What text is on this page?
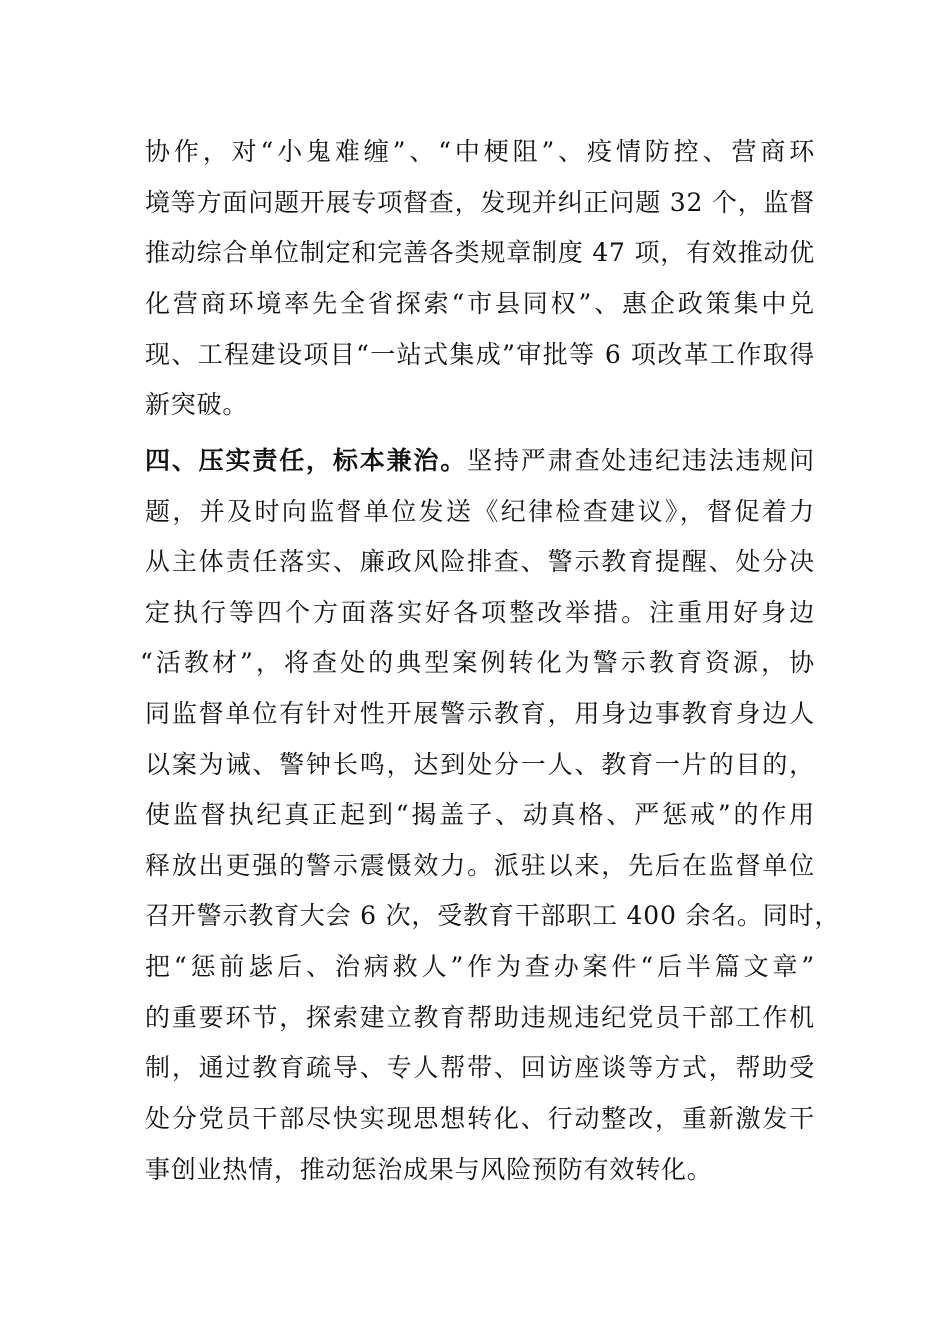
协作，对“小鬼难缠”、“中梗阻”、疫情防控、营商环
境等方面问题开展专项督查，发现并纠正问题 32 个，监督
推动综合单位制定和完善各类规章制度 47 项，有效推动优
化营商环境率先全省探索“市县同权”、惠企政策集中兑
现、工程建设项目“一站式集成”审批等 6 项改革工作取得
新突破。
四、压实责任，标本兼治。坚持严肃查处违纪违法违规问
题，并及时向监督单位发送《纪律检查建议》，督促着力
从主体责任落实、廉政风险排查、警示教育提醒、处分决
定执行等四个方面落实好各项整改举措。注重用好身边
“活教材”，将查处的典型案例转化为警示教育资源，协
同监督单位有针对性开展警示教育，用身边事教育身边人
以案为诫、警钟长鸣，达到处分一人、教育一片的目的，
使监督执纪真正起到“揭盖子、动真格、严惩戒”的作用
释放出更强的警示震慑效力。派驻以来，先后在监督单位
召开警示教育大会 6 次，受教育干部职工 400 余名。同时，
把“惩前毖后、治病救人”作为查办案件“后半篇文章”
的重要环节，探索建立教育帮助违规违纪党员干部工作机
制，通过教育疏导、专人帮带、回访座谈等方式，帮助受
处分党员干部尽快实现思想转化、行动整改，重新激发干
事创业热情，推动惩治成果与风险预防有效转化。
